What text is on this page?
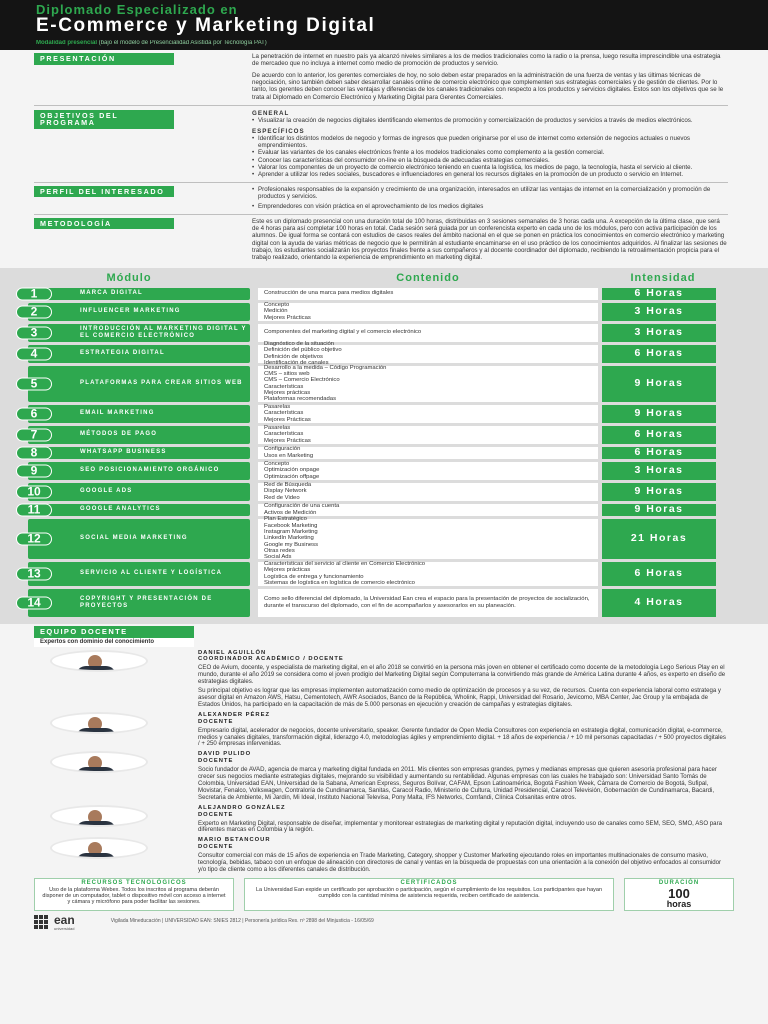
Diplomado Especializado en
E-Commerce y Marketing Digital
Modalidad presencial (bajo el modelo de Presencialidad Asistida por Tecnología PAT)
PRESENTACIÓN	La penetración de internet en nuestro país ya alcanzó niveles similares a los de medios tradicionales como la radio o la prensa, luego resulta imprescindible una estrategia de mercadeo que no incluya a internet como medio de promoción de productos y servicio.

De acuerdo con lo anterior, los gerentes comerciales de hoy, no solo deben estar preparados en la administración de una fuerza de ventas y las últimas técnicas de negociación, sino también deben saber desarrollar canales online de comercio electrónico que complementen sus estrategias comerciales y de gestión de clientes. Por lo tanto, los gerentes deben conocer las ventajas y diferencias de los canales tradicionales con respecto a los productos y servicios digitales. Estos son los objetivos que se le trata al Diplomado en Comercio Electrónico y Marketing Digital para Gerentes Comerciales.

OBJETIVOS DEL PROGRAMA
GENERAL
• Visualizar la creación de negocios digitales identificando elementos de promoción y comercialización de productos y servicios a través de medios electrónicos.
ESPECÍFICOS
• Identificar los distintos modelos de negocio y formas de ingresos que pueden originarse por el uso de internet como extensión de negocios actuales o nuevos emprendimientos.
• Evaluar las variantes de los canales electrónicos frente a los modelos tradicionales como complemento a la gestión comercial.
• Conocer las características del consumidor on-line en la búsqueda de adecuadas estrategias comerciales.
• Valorar los componentes de un proyecto de comercio electrónico teniendo en cuenta la logística, los medios de pago, la tecnología, hasta el servicio al cliente.
• Aprender a utilizar los redes sociales, buscadores e influenciadores en general los recursos digitales en la promoción de un producto o servicio en Internet.
PERFIL DEL INTERESADO
•	Profesionales responsables de la expansión y crecimiento de una organización, interesados en utilizar las ventajas de internet en la comercialización y promoción de productos y servicios.
• Emprendedores con visión práctica en el aprovechamiento de los medios digitales
METODOLOGÍA	Este es un diplomado presencial con una duración total de 100 horas, distribuidas en 3 sesiones semanales de 3 horas cada una. A excepción de la última clase, que será de 4 horas para así completar 100 horas en total. Cada sesión será guiada por un conferencista experto en cada uno de los módulos, pero con activa participación de los alumnos. De igual forma se contará con estudios de casos reales del ámbito nacional en el que se ponen en práctica los conocimientos en comercio electrónico y marketing digital con la ayuda de varias métricas de negocio que le permitirán al estudiante encaminarse en el uso práctico de los conocimientos adquiridos. Al finalizar las sesiones de trabajo, los estudiantes socializarán los proyectos finales frente a sus compañeros y al docente coordinador del diplomado, recibiendo la retroalimentación propicia para el trabajo realizado, orientando la experiencia de emprendimiento en marketing digital.

Módulo	Contenido	Intensidad
1	MARCA DIGITAL	Construcción de una marca para medios digitales	6 Horas
2	INFLUENCER MARKETING
Concepto
Medición
Mejores Prácticas
3 Horas
3	INTRODUCCIÓN AL MARKETING DIGITAL Y EL COMERCIO ELECTRÓNICO
Componentes del marketing digital y el comercio electrónico	3 Horas
4	ESTRATEGIA DIGITAL
Diagnóstico de la situación
Definición del público objetivo
Definición de objetivos
Identificación de canales
6 Horas
5	PLATAFORMAS PARA CREAR SITIOS WEB
Desarrollo a la medida – Código Programación
CMS – sitios web
CMS – Comercio Electrónico
Características
Mejores prácticas
Plataformas recomendadas
9 Horas
6	EMAIL MARKETING
Pasarelas
Características
Mejores Prácticas
9 Horas
7	MÉTODOS DE PAGO
Pasarelas
Características
Mejores Prácticas
6 Horas
8	WHATSAPP BUSINESS	Configuración
Usos en Marketing	6 Horas
9	SEO POSICIONAMIENTO ORGÁNICO
Concepto
Optimización onpage
Optimización offpage
3 Horas
10	GOOGLE ADS
Red de Búsqueda
Display Network
Red de Video
9 Horas
11	GOOGLE ANALYTICS	Configuración de una cuenta
Activos de Medición	9 Horas
12	SOCIAL MEDIA MARKETING
Plan Estratégico
Facebook Marketing
Instagram Marketing
LinkedIn Marketing
Google my Business
Otras redes
Social Ads
21 Horas
13	SERVICIO AL CLIENTE Y LOGÍSTICA
Características del servicio al cliente en Comercio Electrónico
Mejores prácticas
Logística de entrega y funcionamiento
Sistemas de logística en logística de comercio electrónico
6 Horas
14	COPYRIGHT Y PRESENTACIÓN DE PROYECTOS
Como sello diferencial del diplomado, la Universidad Ean crea el espacio para la presentación de proyectos de socialización, durante el transcurso del diplomado, con el fin de acompañarlos y asesorarlos en su planeación.	4 Horas
EQUIPO DOCENTE
Expertos con dominio del conocimiento
DANIEL AGUILLÓN
COORDINADOR ACADÉMICO / DOCENTE

CEO de Avium, docente, y especialista de marketing digital, en el año 2018 se convirtió en la persona más joven en obtener el certificado como docente de la metodología Lego Serious Play en el mundo, durante el año 2019 se considera como el joven prodigio del Marketing Digital según Computerrana la convirtiendo más grande de América Latina durante 4 años, es experto en diseño de estrategias digitales.

Su principal objetivo es lograr que las empresas implementen automatización como medio de optimización de procesos y a su vez, de recursos. Cuenta con experiencia laboral como estratega y asesor digital en Amazon AWS, Hatsu, Cementotech, AWR Asociados, Banco de la República, Wholink, Rappi, Universidad del Rosario, Jevicomo, MBA Center, Jac Group y la embajada de Estados Unidos, ha participado en la capacitación de más de 5.000 personas en ejecución y creación de campañas y estrategias digitales.

ALEXANDER PÉREZ
DOCENTE

Empresario digital, acelerador de negocios, docente universitario, speaker. Gerente fundador de Open Media Consultores con experiencia en estrategia digital, comunicación digital, e-commerce, medios y canales digitales, transformación digital, liderazgo 4.0, metodologías ágiles y emprendimiento digital. + 18 años de experiencia / + 10 mil personas capacitadas / + 500 proyectos digitales / + 250 empresas intervenidas.

DAVID PULIDO
DOCENTE

Socio fundador de AVAD, agencia de marca y marketing digital fundada en 2011. Mis clientes son empresas grandes, pymes y medianas empresas que quieren asesoría profesional para hacer crecer sus negocios mediante estrategias digitales, mejorando su visibilidad y aumentando su rentabilidad. Algunas empresas con las cuales he trabajado son: Universidad Santo Tomás de Colombia, Universidad EAN, Universidad de la Sabana, American Express, Seguros Bolívar, CAFAM, Epson Latinoamérica, Bogotá Fashion Week, Cámara de Comercio de Bogotá, Sufipal, Movistar, Fenalco, Volkswagen, Contraloría de Cundinamarca, Sanitas, Caracol Radio, Ministerio de Cultura, Unidad Presidencial, Caracol Televisión, Gobernación de Cundinamarca, Bacardi, Secretaria de Ambiente, Mi Jardín, Mi Ideal, Instituto Nacional Televisa, Pony Malta, IFS Networks, Comfandi, Clínica Colsanitas entre otros.

ALEJANDRO GONZÁLEZ
DOCENTE

Experto en Marketing Digital, responsable de diseñar, implementar y monitorear estrategias de marketing digital y reputación digital, incluyendo uso de canales como SEM, SEO, SMO, ASO para diferentes marcas en Colombia y la región.

MARIO BETANCOUR
DOCENTE

Consultor comercial con más de 15 años de experiencia en Trade Marketing, Category, shopper y Customer Marketing ejecutando roles en importantes multinacionales de consumo masivo, tecnología, bebidas, tabaco con un enfoque de alineación con directores de canal y ventas en la búsqueda de propuestas con una orientación a la conexión del objetivo enfocados al consumidor y/o tipo de cliente como a los diferentes canales de distribución.

RECURSOS TECNOLÓGICOS
Uso de la plataforma Webex. Todos los inscritos al programa deberán disponer de un computador, tablet o dispositivo móvil con acceso a internet y cámara y micrófono para poder facilitar las sesiones.
CERTIFICADOS
La Universidad Ean expide un certificado por aprobación o participación, según el cumplimiento de los requisitos. Los participantes que hayan cumplido con la cantidad mínima de asistencia requerida, reciben certificado de asistencia.
DURACIÓN
100
horas
ean
universidad
Vigilada Mineducación | UNIVERSIDAD EAN: SNIES 2812 | Personería jurídica Res. nº 2898 del Minjusticia - 16/05/69
